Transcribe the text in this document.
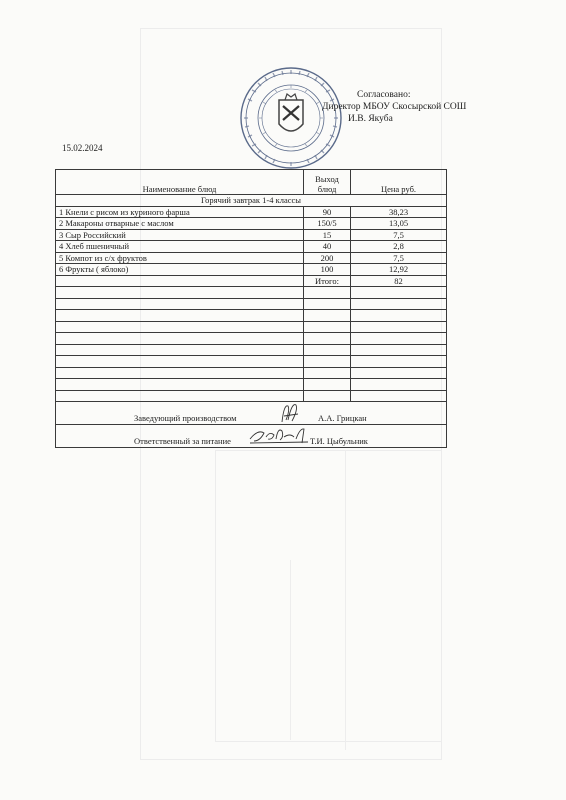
Согласовано:
Директор МБОУ Скосырской СОШ
И.В. Якуба
15.02.2024
Наименование блюд	Выход блюд	Цена руб.
Горячий завтрак 1-4 классы		
1 Кнели с рисом из куриного фарша	90	38,23
2 Макароны отварные с маслом	150/5	13,05
3 Сыр Российский	15	7,5
4 Хлеб пшеничный	40	2,8
5 Компот из с/х фруктов	200	7,5
6 Фрукты ( яблоко)	100	12,92
	Итого:	82

Заведующий производством А.А. Грицкан		

Ответственный за питание Т.И. Цыбульник		
